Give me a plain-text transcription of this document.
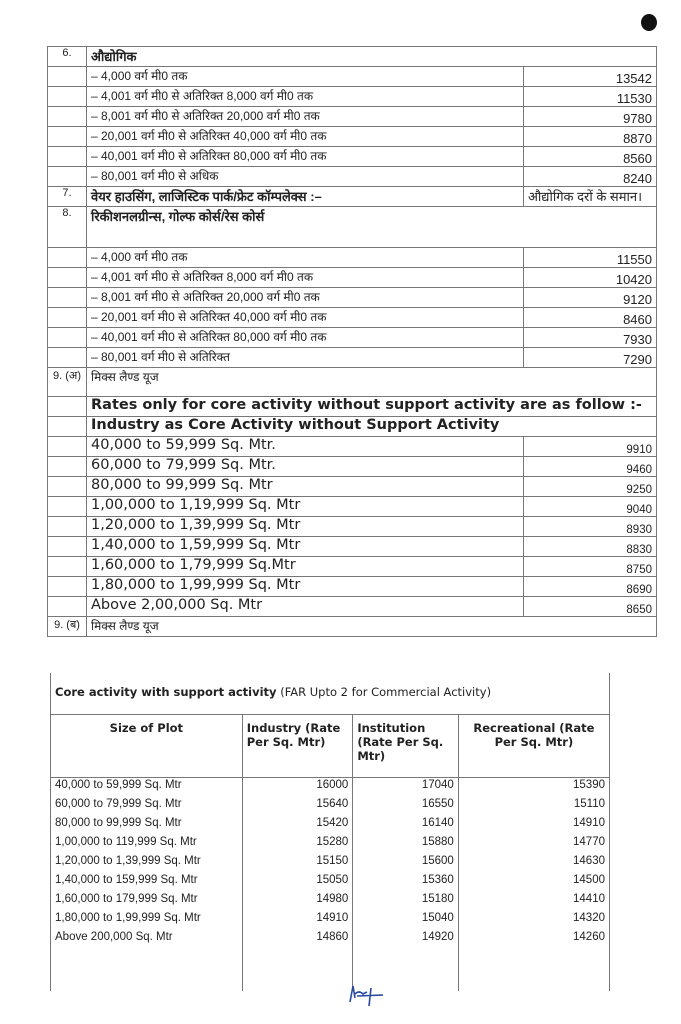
6.	औद्योगिक	
	– 4,000 वर्ग मी0 तक	13542
	– 4,001 वर्ग मी0 से अतिरिक्त 8,000 वर्ग मी0 तक	11530
	– 8,001 वर्ग मी0 से अतिरिक्त 20,000 वर्ग मी0 तक	9780
	– 20,001 वर्ग मी0 से अतिरिक्त 40,000 वर्ग मी0 तक	8870
	– 40,001 वर्ग मी0 से अतिरिक्त 80,000 वर्ग मी0 तक	8560
	– 80,001 वर्ग मी0 से अधिक	8240
7.	वेयर हाउसिंग, लाजिस्टिक पार्क/फ्रेट कॉम्पलेक्स :–	औद्योगिक दरों के समान।
8.	रिकीशनलग्रीन्स, गोल्फ कोर्स/रेस कोर्स	
	– 4,000 वर्ग मी0 तक	11550
	– 4,001 वर्ग मी0 से अतिरिक्त 8,000 वर्ग मी0 तक	10420
	– 8,001 वर्ग मी0 से अतिरिक्त 20,000 वर्ग मी0 तक	9120
	– 20,001 वर्ग मी0 से अतिरिक्त 40,000 वर्ग मी0 तक	8460
	– 40,001 वर्ग मी0 से अतिरिक्त 80,000 वर्ग मी0 तक	7930
	– 80,001 वर्ग मी0 से अतिरिक्त	7290
9. (अ)	मिक्स लैण्ड यूज	
	Rates only for core activity without support activity are as follow :-	
	Industry as Core Activity without Support Activity	
	40,000 to 59,999 Sq. Mtr.	9910
	60,000 to 79,999 Sq. Mtr.	9460
	80,000 to 99,999 Sq. Mtr	9250
	1,00,000 to 1,19,999 Sq. Mtr	9040
	1,20,000 to 1,39,999 Sq. Mtr	8930
	1,40,000 to 1,59,999 Sq. Mtr	8830
	1,60,000 to 1,79,999 Sq.Mtr	8750
	1,80,000 to 1,99,999 Sq. Mtr	8690
	Above 2,00,000 Sq. Mtr	8650
9. (ब)	मिक्स लैण्ड यूज	
Core activity with support activity (FAR Upto 2 for Commercial Activity)			
Size of Plot	Industry (Rate Per Sq. Mtr)	Institution (Rate Per Sq. Mtr)	Recreational (Rate Per Sq. Mtr)
40,000 to 59,999 Sq. Mtr	16000	17040	15390
60,000 to 79,999 Sq. Mtr	15640	16550	15110
80,000 to 99,999 Sq. Mtr	15420	16140	14910
1,00,000 to 119,999 Sq. Mtr	15280	15880	14770
1,20,000 to 1,39,999 Sq. Mtr	15150	15600	14630
1,40,000 to 159,999 Sq. Mtr	15050	15360	14500
1,60,000 to 179,999 Sq. Mtr	14980	15180	14410
1,80,000 to 1,99,999 Sq. Mtr	14910	15040	14320
Above 200,000 Sq. Mtr	14860	14920	14260
